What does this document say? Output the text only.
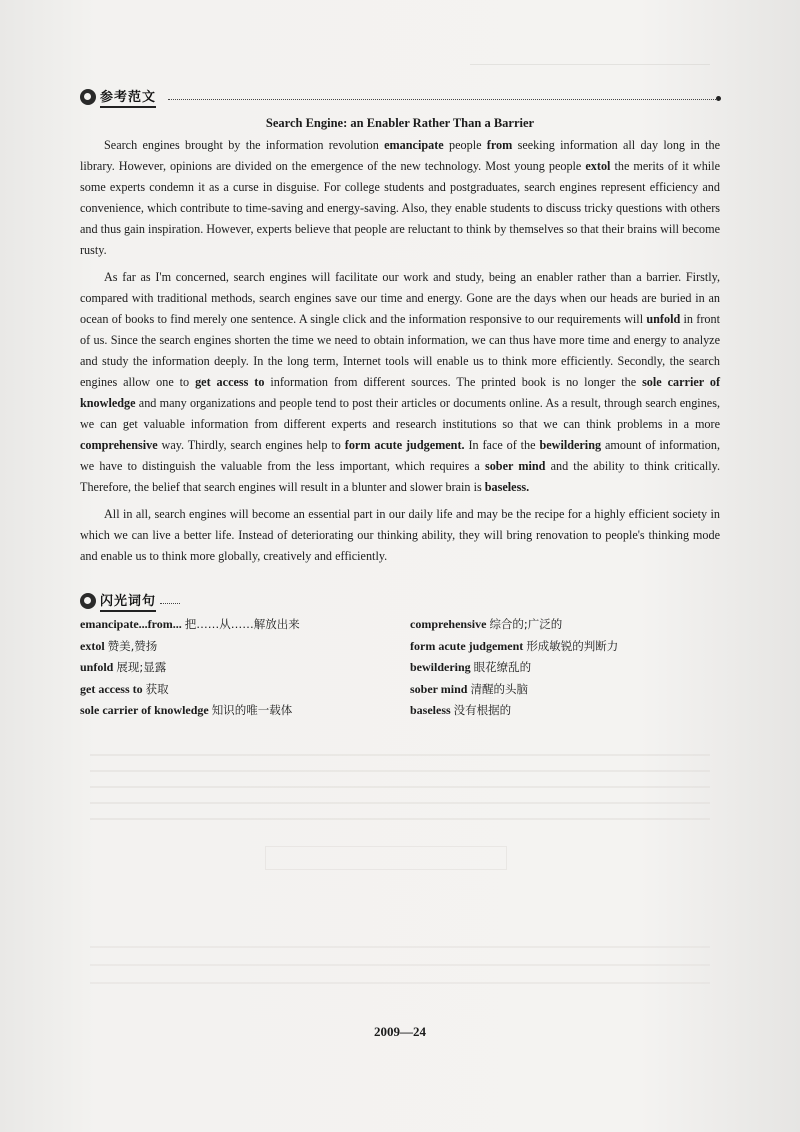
参考范文
Search Engine: an Enabler Rather Than a Barrier

Search engines brought by the information revolution emancipate people from seeking information all day long in the library. However, opinions are divided on the emergence of the new technology. Most young people extol the merits of it while some experts condemn it as a curse in disguise. For college students and postgraduates, search engines represent efficiency and convenience, which contribute to time-saving and energy-saving. Also, they enable students to discuss tricky questions with others and thus gain inspiration. However, experts believe that people are reluctant to think by themselves so that their brains will become rusty.

As far as I'm concerned, search engines will facilitate our work and study, being an enabler rather than a barrier. Firstly, compared with traditional methods, search engines save our time and energy. Gone are the days when our heads are buried in an ocean of books to find merely one sentence. A single click and the information responsive to our requirements will unfold in front of us. Since the search engines shorten the time we need to obtain information, we can thus have more time and energy to analyze and study the information deeply. In the long term, Internet tools will enable us to think more efficiently. Secondly, the search engines allow one to get access to information from different sources. The printed book is no longer the sole carrier of knowledge and many organizations and people tend to post their articles or documents online. As a result, through search engines, we can get valuable information from different experts and research institutions so that we can think problems in a more comprehensive way. Thirdly, search engines help to form acute judgement. In face of the bewildering amount of information, we have to distinguish the valuable from the less important, which requires a sober mind and the ability to think critically. Therefore, the belief that search engines will result in a blunter and slower brain is baseless.

All in all, search engines will become an essential part in our daily life and may be the recipe for a highly efficient society in which we can live a better life. Instead of deteriorating our thinking ability, they will bring renovation to people's thinking mode and enable us to think more globally, creatively and efficiently.

闪光词句
emancipate...from... 把……从……解放出来	comprehensive 综合的;广泛的
extol 赞美,赞扬	form acute judgement 形成敏锐的判断力
unfold 展现;显露	bewildering 眼花缭乱的
get access to 获取	sober mind 清醒的头脑
sole carrier of knowledge 知识的唯一载体	baseless 没有根据的
2009—24
